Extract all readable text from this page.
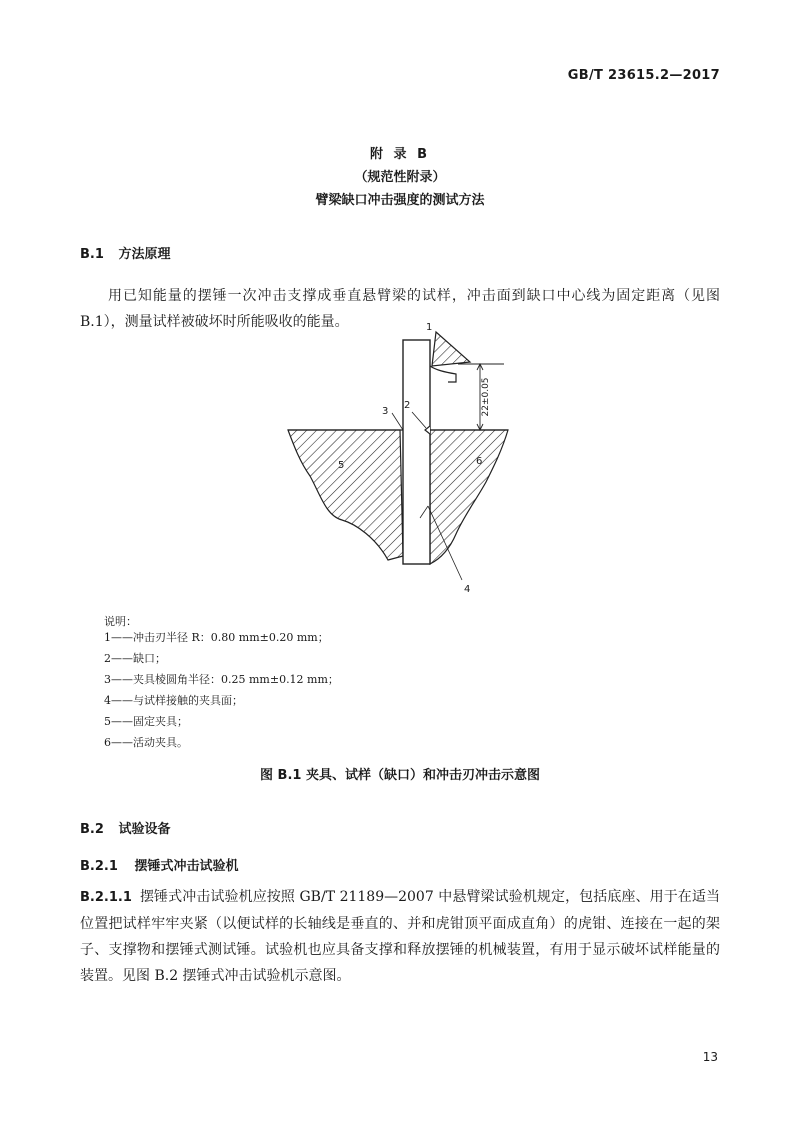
GB/T 23615.2—2017
附 录 B
（规范性附录）
臂梁缺口冲击强度的测试方法
B.1 方法原理
用已知能量的摆锤一次冲击支撑成垂直悬臂梁的试样，冲击面到缺口中心线为固定距离（见图 B.1），测量试样被破坏时所能吸收的能量。
22±0.05
1
2
3
4
5	6
说明：
1——冲击刃半径 R：0.80 mm±0.20 mm；
2——缺口；
3——夹具棱圆角半径：0.25 mm±0.12 mm；
4——与试样接触的夹具面；
5——固定夹具；
6——活动夹具。
图 B.1 夹具、试样（缺口）和冲击刃冲击示意图
B.2 试验设备
B.2.1 摆锤式冲击试验机
B.2.1.1 摆锤式冲击试验机应按照 GB/T 21189—2007 中悬臂梁试验机规定，包括底座、用于在适当位置把试样牢牢夹紧（以便试样的长轴线是垂直的、并和虎钳顶平面成直角）的虎钳、连接在一起的架子、支撑物和摆锤式测试锤。试验机也应具备支撑和释放摆锤的机械装置，有用于显示破坏试样能量的装置。见图 B.2 摆锤式冲击试验机示意图。
13
